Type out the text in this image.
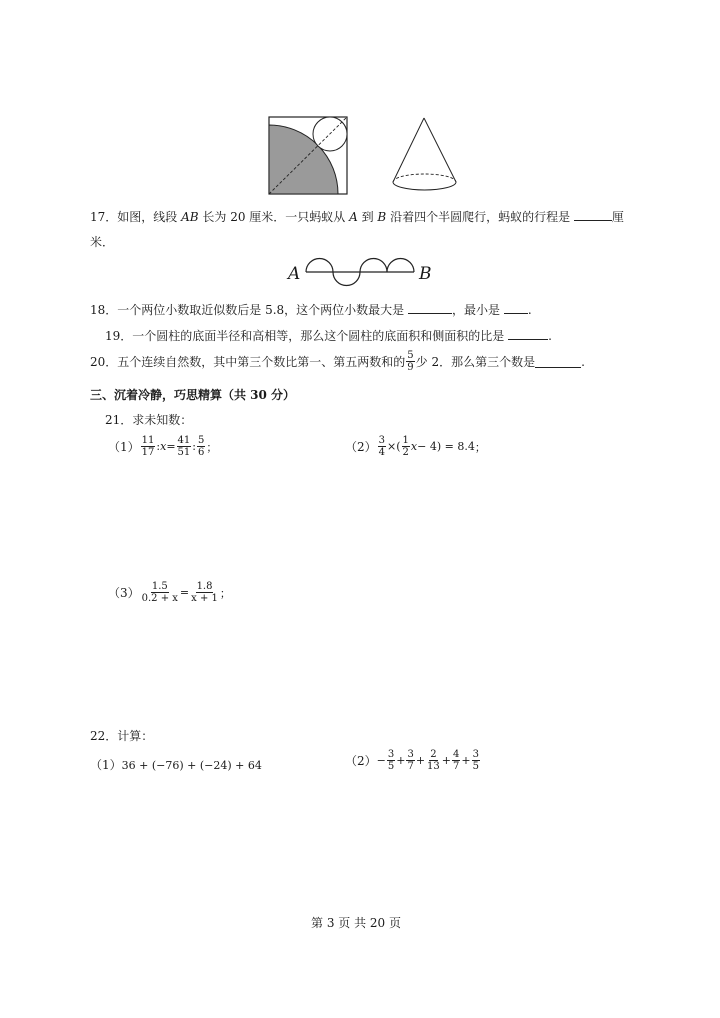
17．如图，线段 AB 长为 20 厘米．一只蚂蚁从 A 到 B 沿着四个半圆爬行，蚂蚁的行程是	厘
米．
A	B
18．一个两位小数取近似数后是 5.8，这个两位小数最大是	，最小是 .
19．一个圆柱的底面半径和高相等，那么这个圆柱的底面积和侧面积的比是	.
20．五个连续自然数，其中第三个数比第一、第五两数和的 $\frac{5}{9}$ 少 2．那么第三个数是	.
三、沉着冷静，巧思精算（共 30 分）
21．求未知数：
$(1) \frac{11}{17}$ : $x = \frac{41}{51}$ : $\frac{5}{6}$ ；	$(2) \frac{3}{4}$ ×( $\frac{1}{2}$ x − 4) = 8.4 ；
$(3) \frac{1.5}{0.2 + x} = \frac{1.8}{x + 1}$ ；
22．计算：
（1） 36 + (−76) + (−24) + 64	$(2) - \frac{3}{5} + \frac{3}{7} + \frac{2}{13} + \frac{4}{7} + \frac{3}{5}$
第 3 页 共 20 页
